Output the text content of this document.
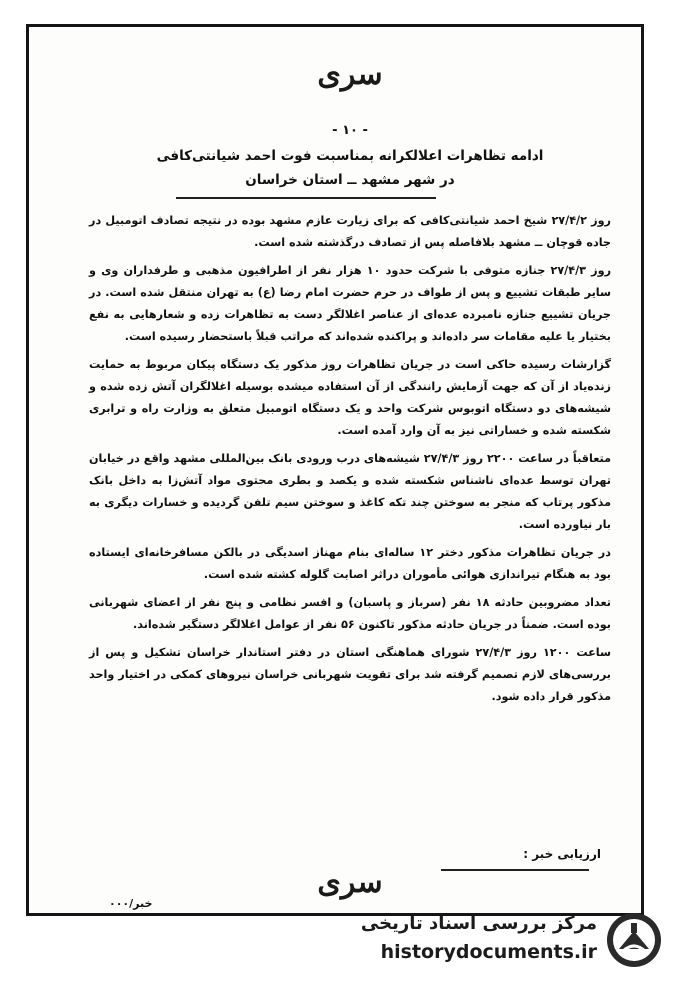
سری
- ۱۰ -
ادامه تظاهرات اعلالکرانه بمناسبت فوت احمد شیانتی‌کافی
در شهر مشهد ــ استان خراسان

روز ۲۷/۴/۲ شیخ احمد شیانتی‌کافی که برای زیارت عازم مشهد بوده در نتیجه تصادف اتومبیل در جاده قوچان ــ مشهد بلافاصله پس از تصادف درگذشته شده است.

روز ۲۷/۴/۳ جنازه متوفی با شرکت حدود ۱۰ هزار نفر از اطرافیون مذهبی و طرفداران وی و سایر طبقات تشییع و پس از طواف در حرم حضرت امام رضا (ع) به تهران منتقل شده است. در جریان تشییع جنازه نامبرده عده‌ای از عناصر اغلالگر دست به تظاهرات زده و شعارهایی به نفع بختیار یا علیه مقامات سر داده‌اند و پراکنده شده‌اند که مراتب قبلاً باستحضار رسیده است.

گزارشات رسیده حاکی است در جریان تظاهرات روز مذکور یک دستگاه پیکان مربوط به حمایت زنده‌یاد از آن که جهت آزمایش رانندگی از آن استفاده میشده بوسیله اغلالگران آتش زده شده و شیشه‌های دو دستگاه اتوبوس شرکت واحد و یک دستگاه اتومبیل متعلق به وزارت راه و ترابری شکسته شده و خساراتی نیز به آن وارد آمده است.

متعاقباً در ساعت ۲۲۰۰ روز ۲۷/۴/۳ شیشه‌های درب ورودی بانک بین‌المللی مشهد واقع در خیابان تهران توسط عده‌ای ناشناس شکسته شده و یکصد و بطری محتوی مواد آتش‌زا به داخل بانک مذکور پرتاب که منجر به سوختن چند تکه کاغذ و سوختن سیم تلفن گردیده و خسارات دیگری به بار نیاورده است.

در جریان تظاهرات مذکور دختر ۱۲ ساله‌ای بنام مهناز اسدیگی در بالکن مسافرخانه‌ای ایستاده بود به هنگام تیراندازی هوائی مأموران دراثر اصابت گلوله کشته شده است.

تعداد مضروبین حادثه ۱۸ نفر (سرباز و پاسبان) و افسر نظامی و پنج نفر از اعضای شهربانی بوده است. ضمناً در جریان حادثه مذکور تاکنون ۵۶ نفر از عوامل اغلالگر دستگیر شده‌اند.

ساعت ۱۲۰۰ روز ۲۷/۴/۳ شورای هماهنگی استان در دفتر استاندار خراسان تشکیل و پس از بررسی‌های لازم تصمیم گرفته شد برای تقویت شهربانی خراسان نیروهای کمکی در اختیار واحد مذکور قرار داده شود.

ارزیابی خبر :
خبر/۰۰۰
سری
مرکز بررسی اسناد تاریخی
historydocuments.ir
